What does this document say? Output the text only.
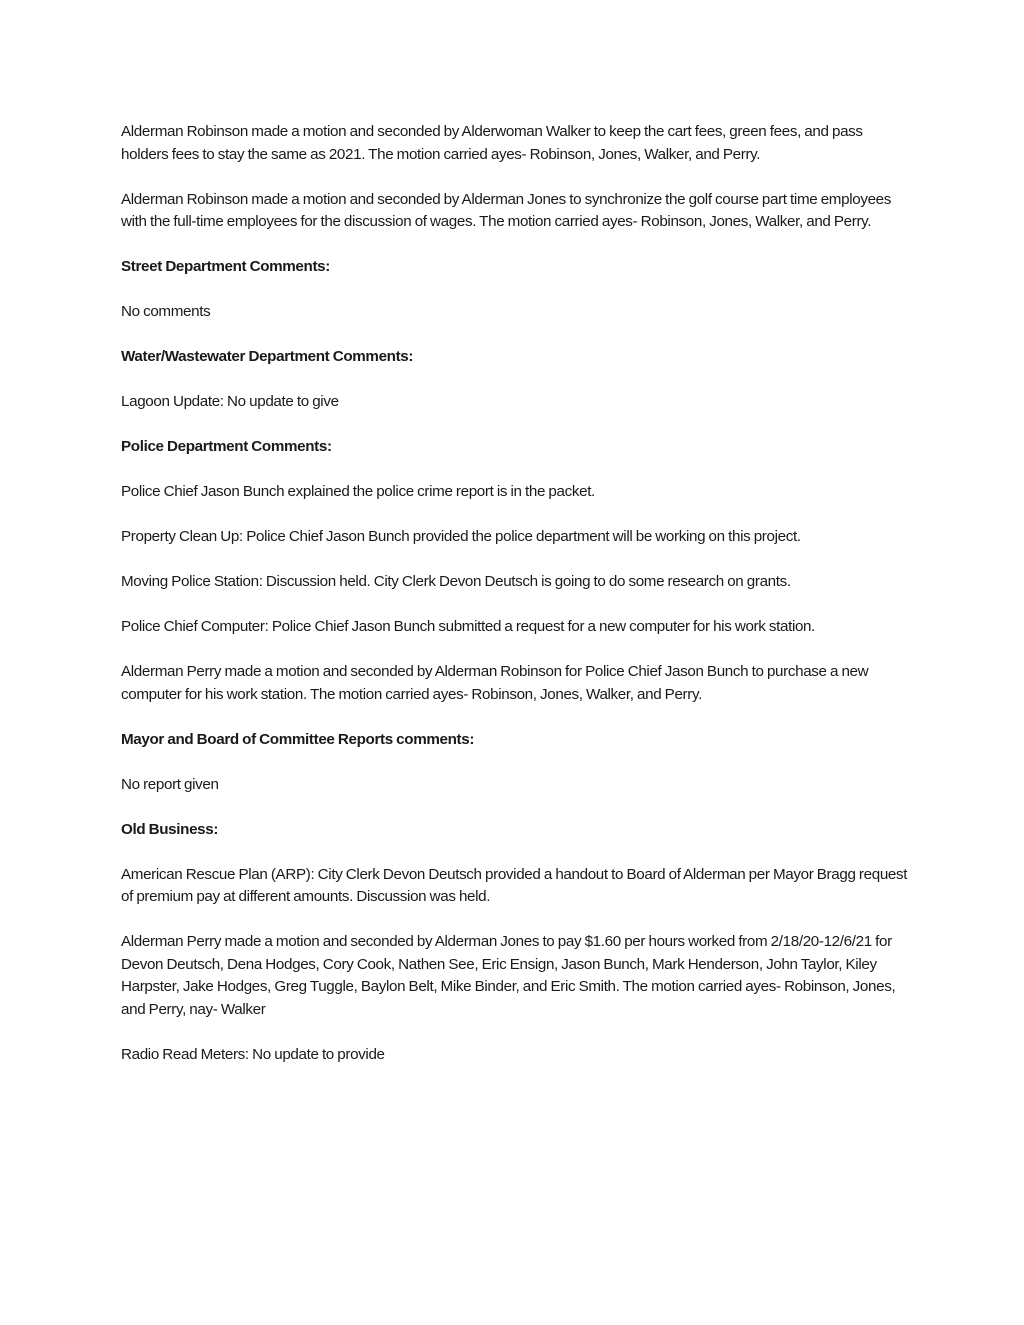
Alderman Robinson made a motion and seconded by Alderwoman Walker to keep the cart fees, green fees, and pass holders fees to stay the same as 2021. The motion carried ayes- Robinson, Jones, Walker, and Perry.

Alderman Robinson made a motion and seconded by Alderman Jones to synchronize the golf course part time employees with the full-time employees for the discussion of wages. The motion carried ayes- Robinson, Jones, Walker, and Perry.

Street Department Comments:

No comments

Water/Wastewater Department Comments:

Lagoon Update: No update to give

Police Department Comments:

Police Chief Jason Bunch explained the police crime report is in the packet.

Property Clean Up: Police Chief Jason Bunch provided the police department will be working on this project.

Moving Police Station: Discussion held. City Clerk Devon Deutsch is going to do some research on grants.

Police Chief Computer: Police Chief Jason Bunch submitted a request for a new computer for his work station.

Alderman Perry made a motion and seconded by Alderman Robinson for Police Chief Jason Bunch to purchase a new computer for his work station. The motion carried ayes- Robinson, Jones, Walker, and Perry.

Mayor and Board of Committee Reports comments:

No report given

Old Business:

American Rescue Plan (ARP): City Clerk Devon Deutsch provided a handout to Board of Alderman per Mayor Bragg request of premium pay at different amounts. Discussion was held.

Alderman Perry made a motion and seconded by Alderman Jones to pay $1.60 per hours worked from 2/18/20-12/6/21 for Devon Deutsch, Dena Hodges, Cory Cook, Nathen See, Eric Ensign, Jason Bunch, Mark Henderson, John Taylor, Kiley Harpster, Jake Hodges, Greg Tuggle, Baylon Belt, Mike Binder, and Eric Smith. The motion carried ayes- Robinson, Jones, and Perry, nay- Walker

Radio Read Meters: No update to provide
